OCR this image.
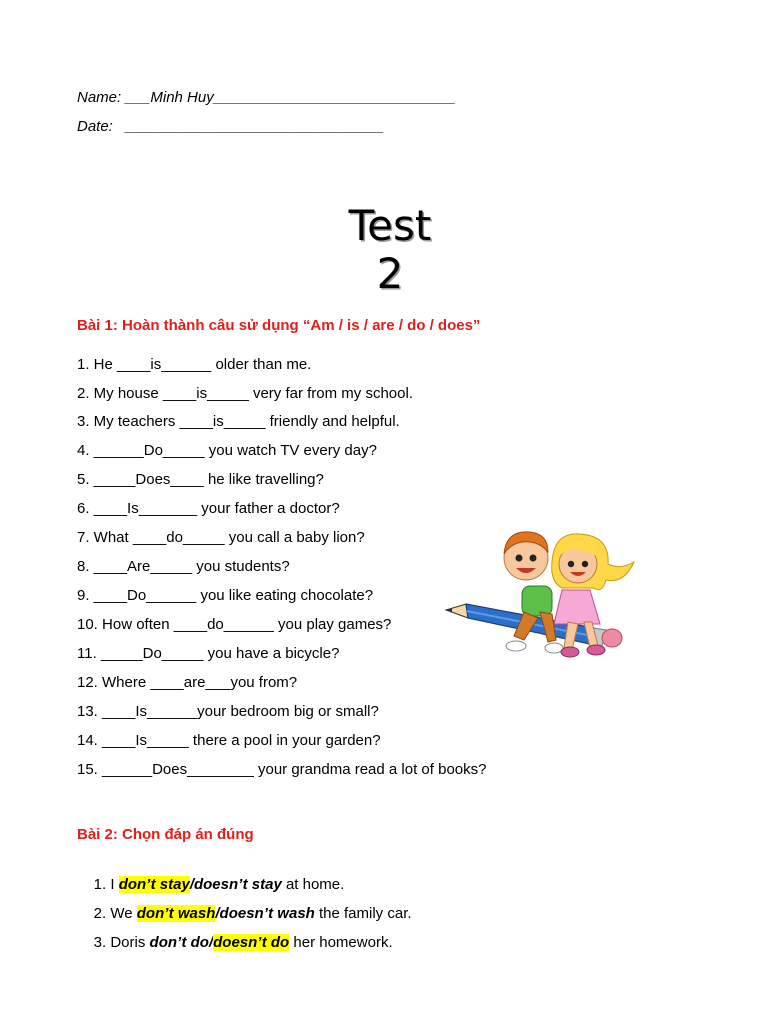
Name: ___Minh Huy_____________________________
Date:   _______________________________
Test
2
Bài 1: Hoàn thành câu sử dụng “Am / is / are / do / does”
1. He ____is______ older than me.
2. My house ____is_____ very far from my school.
3. My teachers ____is_____ friendly and helpful.
4. ______Do_____ you watch TV every day?
5. _____Does____ he like travelling?
6. ____Is_______ your father a doctor?
7. What ____do_____ you call a baby lion?
8. ____Are_____ you students?
9. ____Do______ you like eating chocolate?
10. How often ____do______ you play games?
11. _____Do_____ you have a bicycle?
12. Where ____are___you from?
13. ____Is______your bedroom big or small?
14. ____Is_____ there a pool in your garden?
15. ______Does________ your grandma read a lot of books?
Bài 2: Chọn đáp án đúng

1. I don’t stay/doesn’t stay at home.

2. We don’t wash/doesn’t wash the family car.

3. Doris don’t do/doesn’t do her homework.
